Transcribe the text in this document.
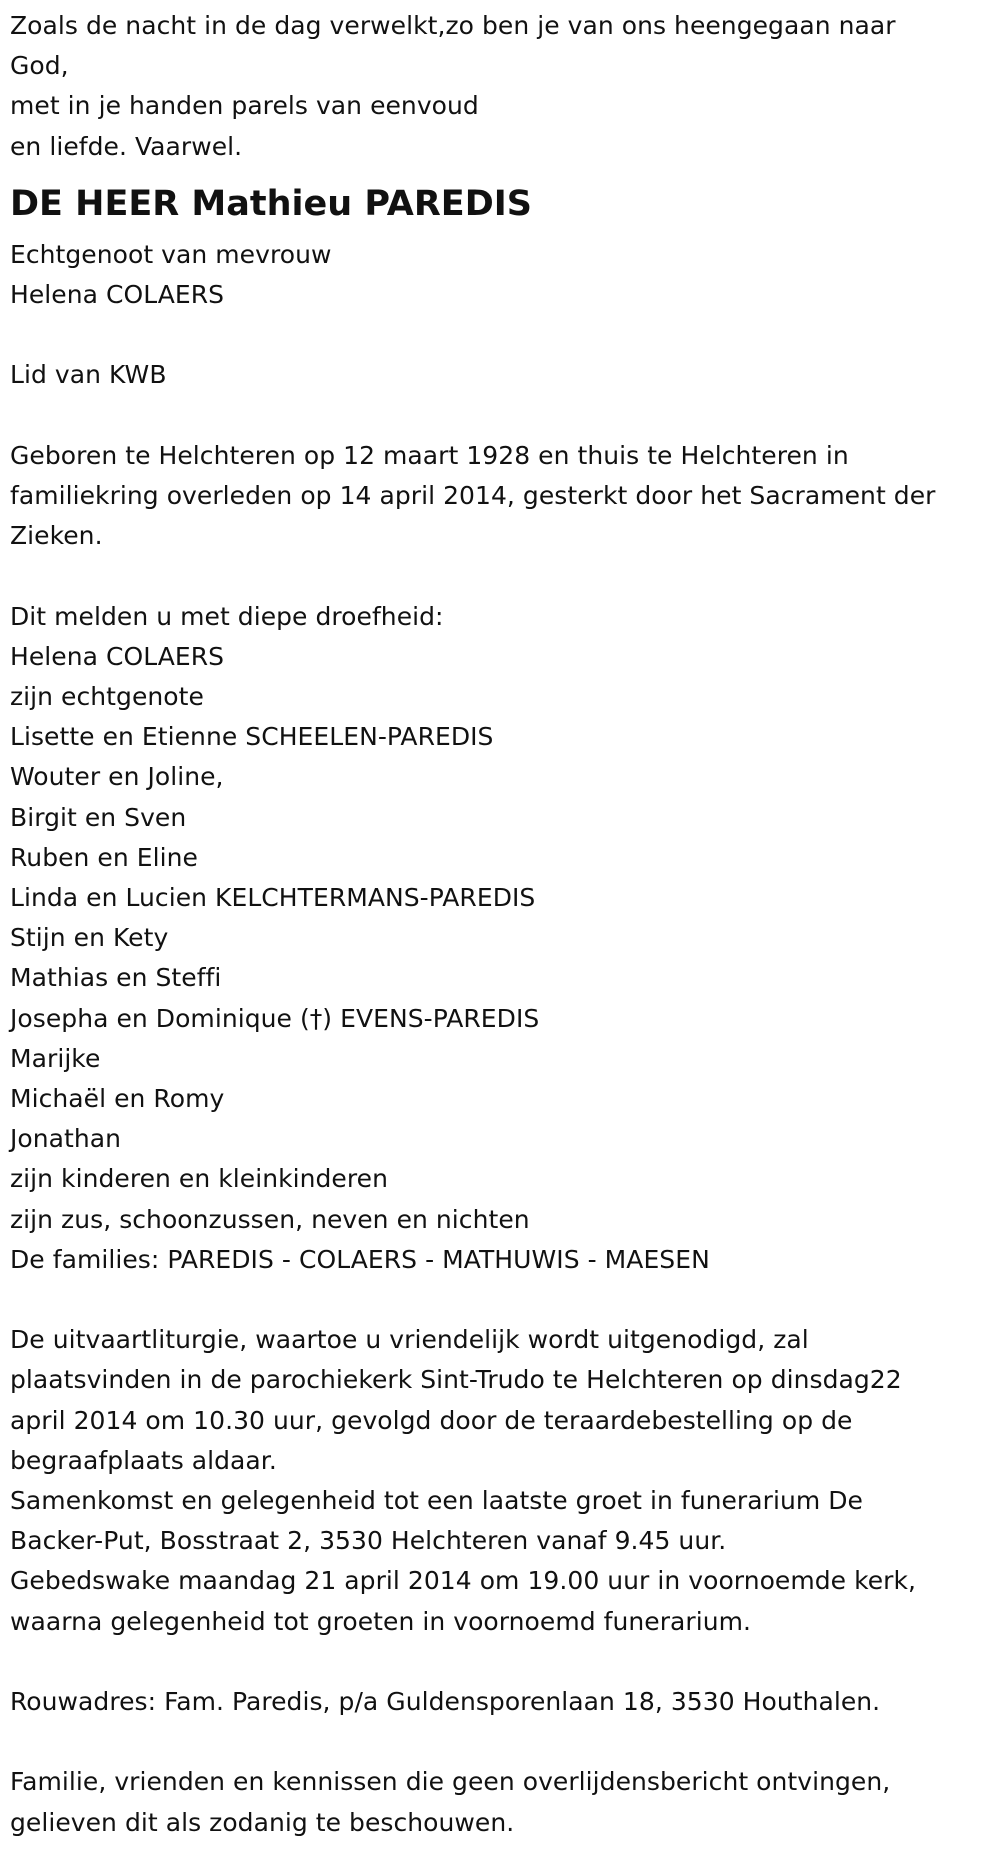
Zoals de nacht in de dag verwelkt,zo ben je van ons heengegaan naar
God,
met in je handen parels van eenvoud
en liefde. Vaarwel.

DE HEER Mathieu PAREDIS

Echtgenoot van mevrouw
Helena COLAERS
Lid van KWB
Geboren te Helchteren op 12 maart 1928 en thuis te Helchteren in
familiekring overleden op 14 april 2014, gesterkt door het Sacrament der
Zieken.
Dit melden u met diepe droefheid:
Helena COLAERS
zijn echtgenote
Lisette en Etienne SCHEELEN-PAREDIS
Wouter en Joline,
Birgit en Sven
Ruben en Eline
Linda en Lucien KELCHTERMANS-PAREDIS
Stijn en Kety
Mathias en Steffi
Josepha en Dominique (†) EVENS-PAREDIS
Marijke
Michaël en Romy
Jonathan
zijn kinderen en kleinkinderen
zijn zus, schoonzussen, neven en nichten
De families: PAREDIS - COLAERS - MATHUWIS - MAESEN
De uitvaartliturgie, waartoe u vriendelijk wordt uitgenodigd, zal
plaatsvinden in de parochiekerk Sint-Trudo te Helchteren op dinsdag22
april 2014 om 10.30 uur, gevolgd door de teraardebestelling op de
begraafplaats aldaar.
Samenkomst en gelegenheid tot een laatste groet in funerarium De
Backer-Put, Bosstraat 2, 3530 Helchteren vanaf 9.45 uur.
Gebedswake maandag 21 april 2014 om 19.00 uur in voornoemde kerk,
waarna gelegenheid tot groeten in voornoemd funerarium.
Rouwadres: Fam. Paredis, p/a Guldensporenlaan 18, 3530 Houthalen.
Familie, vrienden en kennissen die geen overlijdensbericht ontvingen,
gelieven dit als zodanig te beschouwen.
